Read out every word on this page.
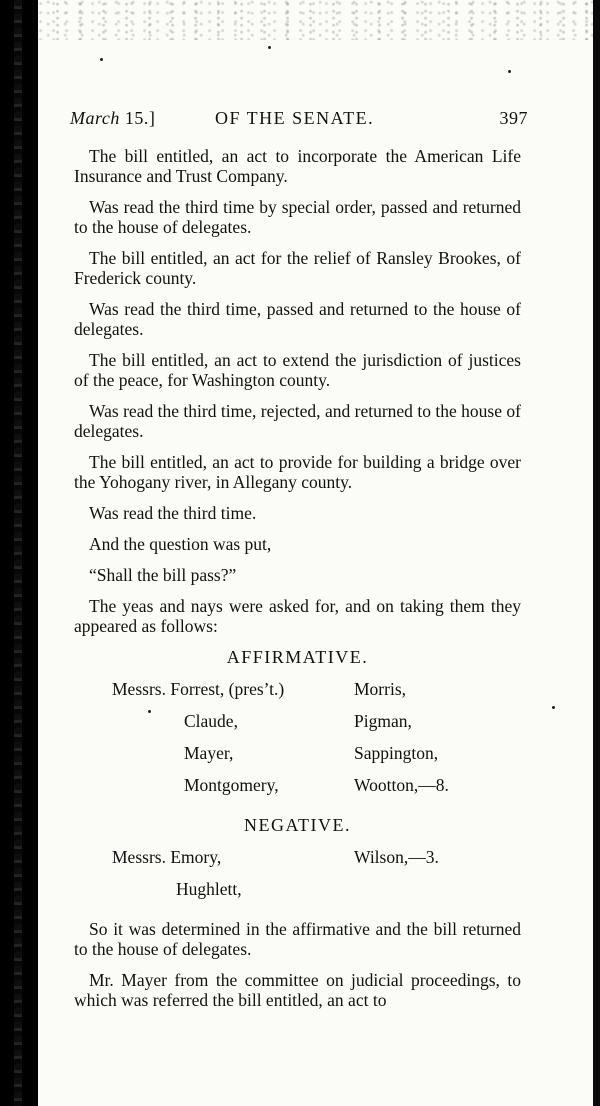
March 15.]	OF THE SENATE.	397

The bill entitled, an act to incorporate the American Life Insurance and Trust Company.

Was read the third time by special order, passed and returned to the house of delegates.

The bill entitled, an act for the relief of Ransley Brookes, of Frederick county.

Was read the third time, passed and returned to the house of delegates.

The bill entitled, an act to extend the jurisdiction of justices of the peace, for Washington county.

Was read the third time, rejected, and returned to the house of delegates.

The bill entitled, an act to provide for building a bridge over the Yohogany river, in Allegany county.

Was read the third time.

And the question was put,

“Shall the bill pass?”

The yeas and nays were asked for, and on taking them they appeared as follows:

AFFIRMATIVE.
Messrs. Forrest, (pres’t.)	Morris,
Claude,	Pigman,
Mayer,	Sappington,
Montgomery,	Wootton,—8.
NEGATIVE.
Messrs. Emory,	Wilson,—3.
Hughlett,

So it was determined in the affirmative and the bill returned to the house of delegates.

Mr. Mayer from the committee on judicial proceedings, to which was referred the bill entitled, an act to
